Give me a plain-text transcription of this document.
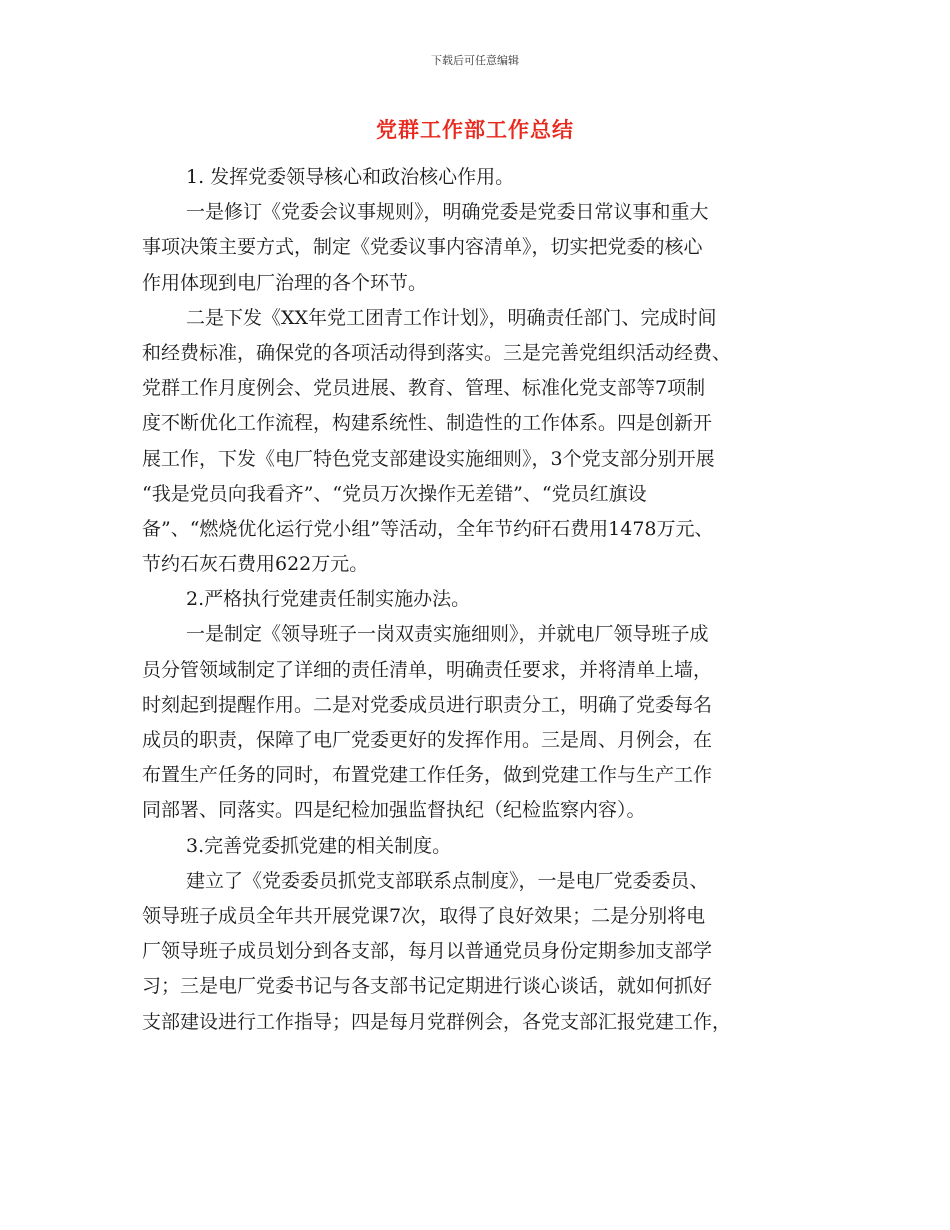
下载后可任意编辑
党群工作部工作总结
1. 发挥党委领导核心和政治核心作用。
一是修订《党委会议事规则》，明确党委是党委日常议事和重大
事项决策主要方式，制定《党委议事内容清单》，切实把党委的核心
作用体现到电厂治理的各个环节。
二是下发《XX年党工团青工作计划》，明确责任部门、完成时间
和经费标准，确保党的各项活动得到落实。三是完善党组织活动经费、
党群工作月度例会、党员进展、教育、管理、标准化党支部等7项制
度不断优化工作流程，构建系统性、制造性的工作体系。四是创新开
展工作，下发《电厂特色党支部建设实施细则》，3个党支部分别开展
“我是党员向我看齐”、“党员万次操作无差错”、“党员红旗设
备”、“燃烧优化运行党小组”等活动，全年节约矸石费用1478万元、
节约石灰石费用622万元。
2.严格执行党建责任制实施办法。
一是制定《领导班子一岗双责实施细则》，并就电厂领导班子成
员分管领域制定了详细的责任清单，明确责任要求，并将清单上墙，
时刻起到提醒作用。二是对党委成员进行职责分工，明确了党委每名
成员的职责，保障了电厂党委更好的发挥作用。三是周、月例会，在
布置生产任务的同时，布置党建工作任务，做到党建工作与生产工作
同部署、同落实。四是纪检加强监督执纪（纪检监察内容）。
3.完善党委抓党建的相关制度。
建立了《党委委员抓党支部联系点制度》，一是电厂党委委员、
领导班子成员全年共开展党课7次，取得了良好效果；二是分别将电
厂领导班子成员划分到各支部，每月以普通党员身份定期参加支部学
习；三是电厂党委书记与各支部书记定期进行谈心谈话，就如何抓好
支部建设进行工作指导；四是每月党群例会，各党支部汇报党建工作，
